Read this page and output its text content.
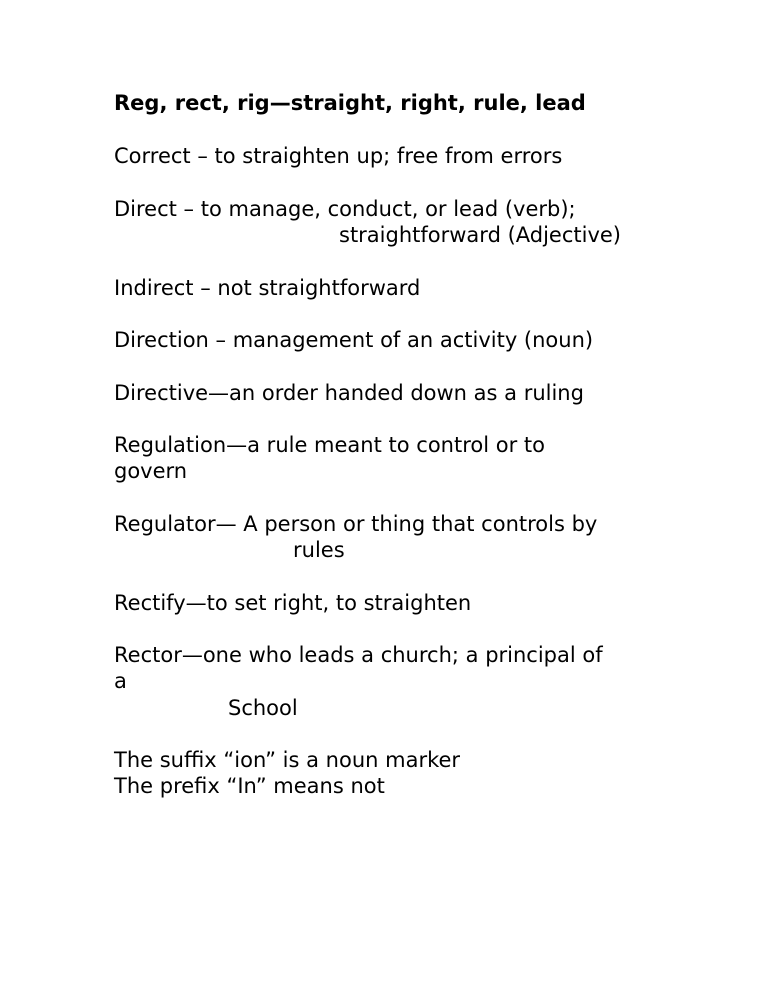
Reg, rect, rig—straight, right, rule, lead
Correct – to straighten up; free from errors
Direct – to manage, conduct, or lead (verb);
straightforward (Adjective)
Indirect – not straightforward
Direction – management of an activity (noun)
Directive—an order handed down as a ruling
Regulation—a rule meant to control or to
govern
Regulator— A person or thing that controls by
rules
Rectify—to set right, to straighten
Rector—one who leads a church; a principal of
a
School
The suffix “ion” is a noun marker
The prefix “In” means not
